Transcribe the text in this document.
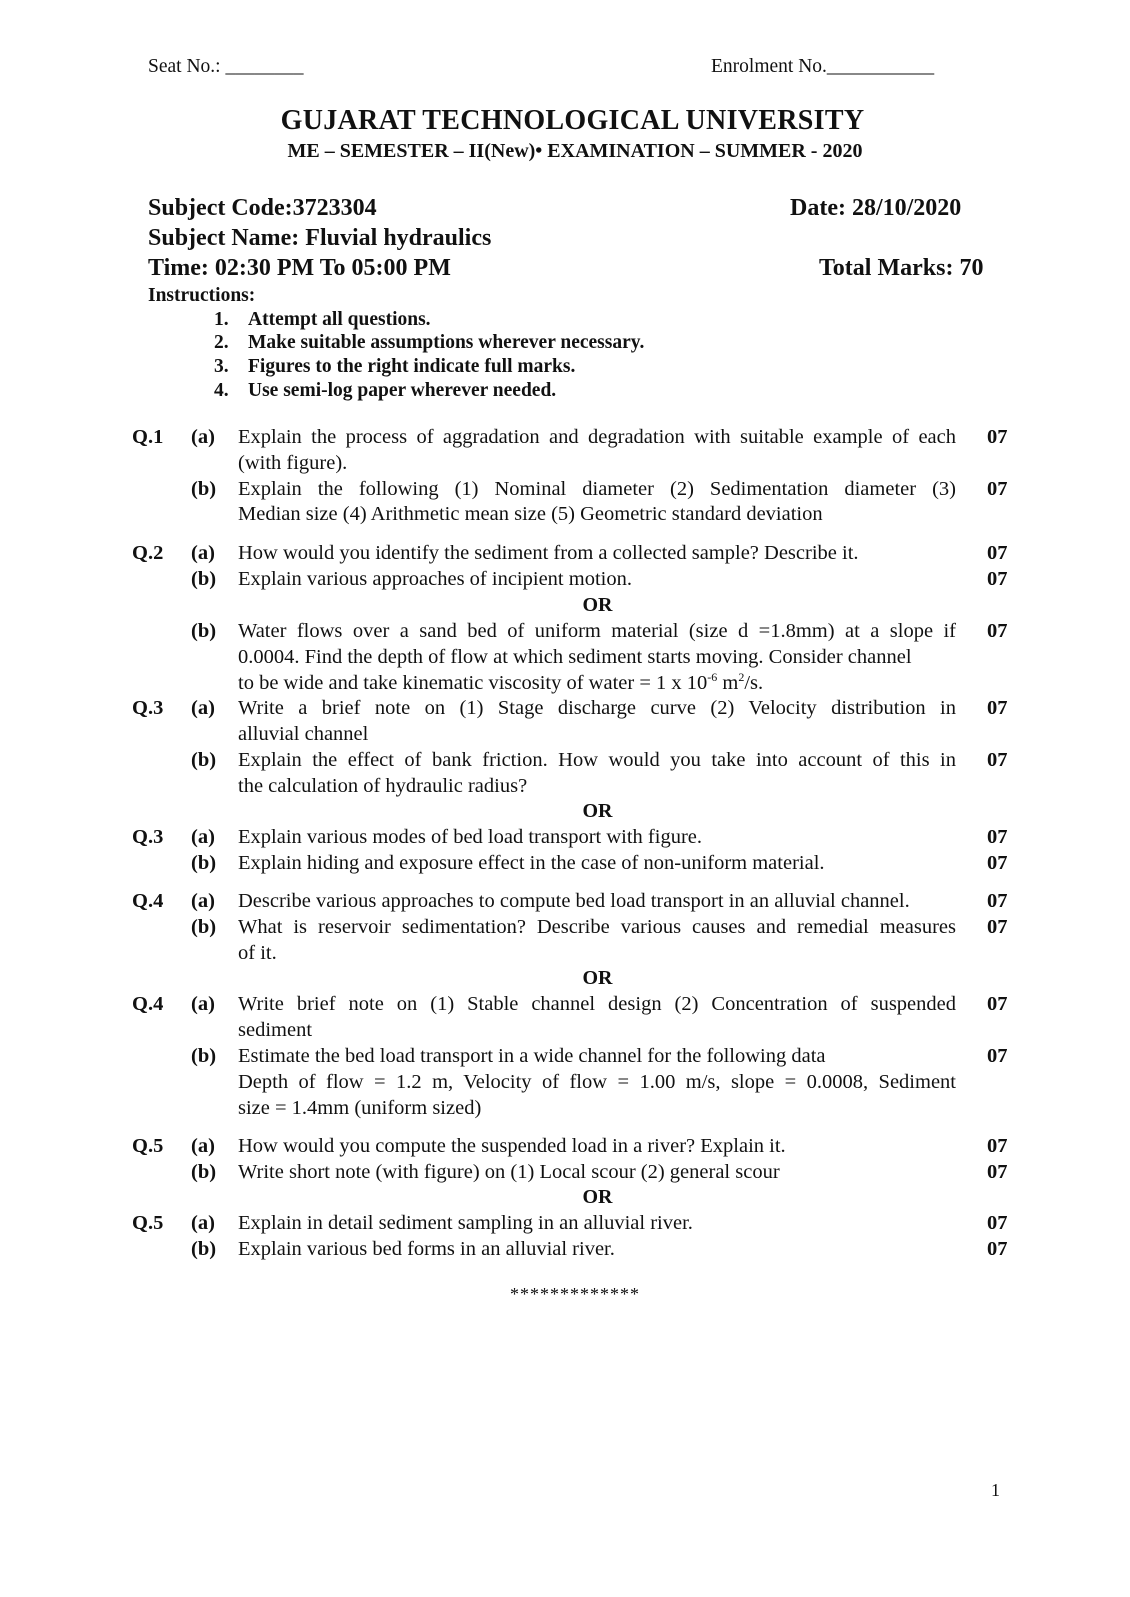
Seat No.: ________	Enrolment No.___________
GUJARAT TECHNOLOGICAL UNIVERSITY
ME – SEMESTER – II(New)• EXAMINATION – SUMMER - 2020
Subject Code:3723304	Date: 28/10/2020
Subject Name: Fluvial hydraulics
Time: 02:30 PM To 05:00 PM	Total Marks: 70
Instructions:
1. Attempt all questions.
2. Make suitable assumptions wherever necessary.
3. Figures to the right indicate full marks.
4. Use semi-log paper wherever needed.
Q.1 (a) Explain the process of aggradation and degradation with suitable example of each 07
(with figure).
(b) Explain the following (1) Nominal diameter (2) Sedimentation diameter (3) 07
Median size (4) Arithmetic mean size (5) Geometric standard deviation
Q.2 (a) How would you identify the sediment from a collected sample? Describe it.	07
(b) Explain various approaches of incipient motion.	07
OR
(b) Water flows over a sand bed of uniform material (size d =1.8mm) at a slope if 07
0.0004. Find the depth of flow at which sediment starts moving. Consider channel
to be wide and take kinematic viscosity of water = 1 x $10^{-6}$ $m^2/s$.
Q.3 (a) Write a brief note on (1) Stage discharge curve (2) Velocity distribution in 07
alluvial channel
(b) Explain the effect of bank friction. How would you take into account of this in 07
the calculation of hydraulic radius?
OR
Q.3 (a) Explain various modes of bed load transport with figure.	07
(b) Explain hiding and exposure effect in the case of non-uniform material.	07
Q.4 (a) Describe various approaches to compute bed load transport in an alluvial channel.	07
(b) What is reservoir sedimentation? Describe various causes and remedial measures 07
of it.
OR
Q.4 (a) Write brief note on (1) Stable channel design (2) Concentration of suspended 07
sediment
(b) Estimate the bed load transport in a wide channel for the following data	07
Depth of flow = 1.2 m, Velocity of flow = 1.00 m/s, slope = 0.0008, Sediment
size = 1.4mm (uniform sized)
Q.5 (a) How would you compute the suspended load in a river? Explain it.	07
(b) Write short note (with figure) on (1) Local scour (2) general scour	07
OR
Q.5 (a) Explain in detail sediment sampling in an alluvial river.	07
(b) Explain various bed forms in an alluvial river.	07
*************
1
